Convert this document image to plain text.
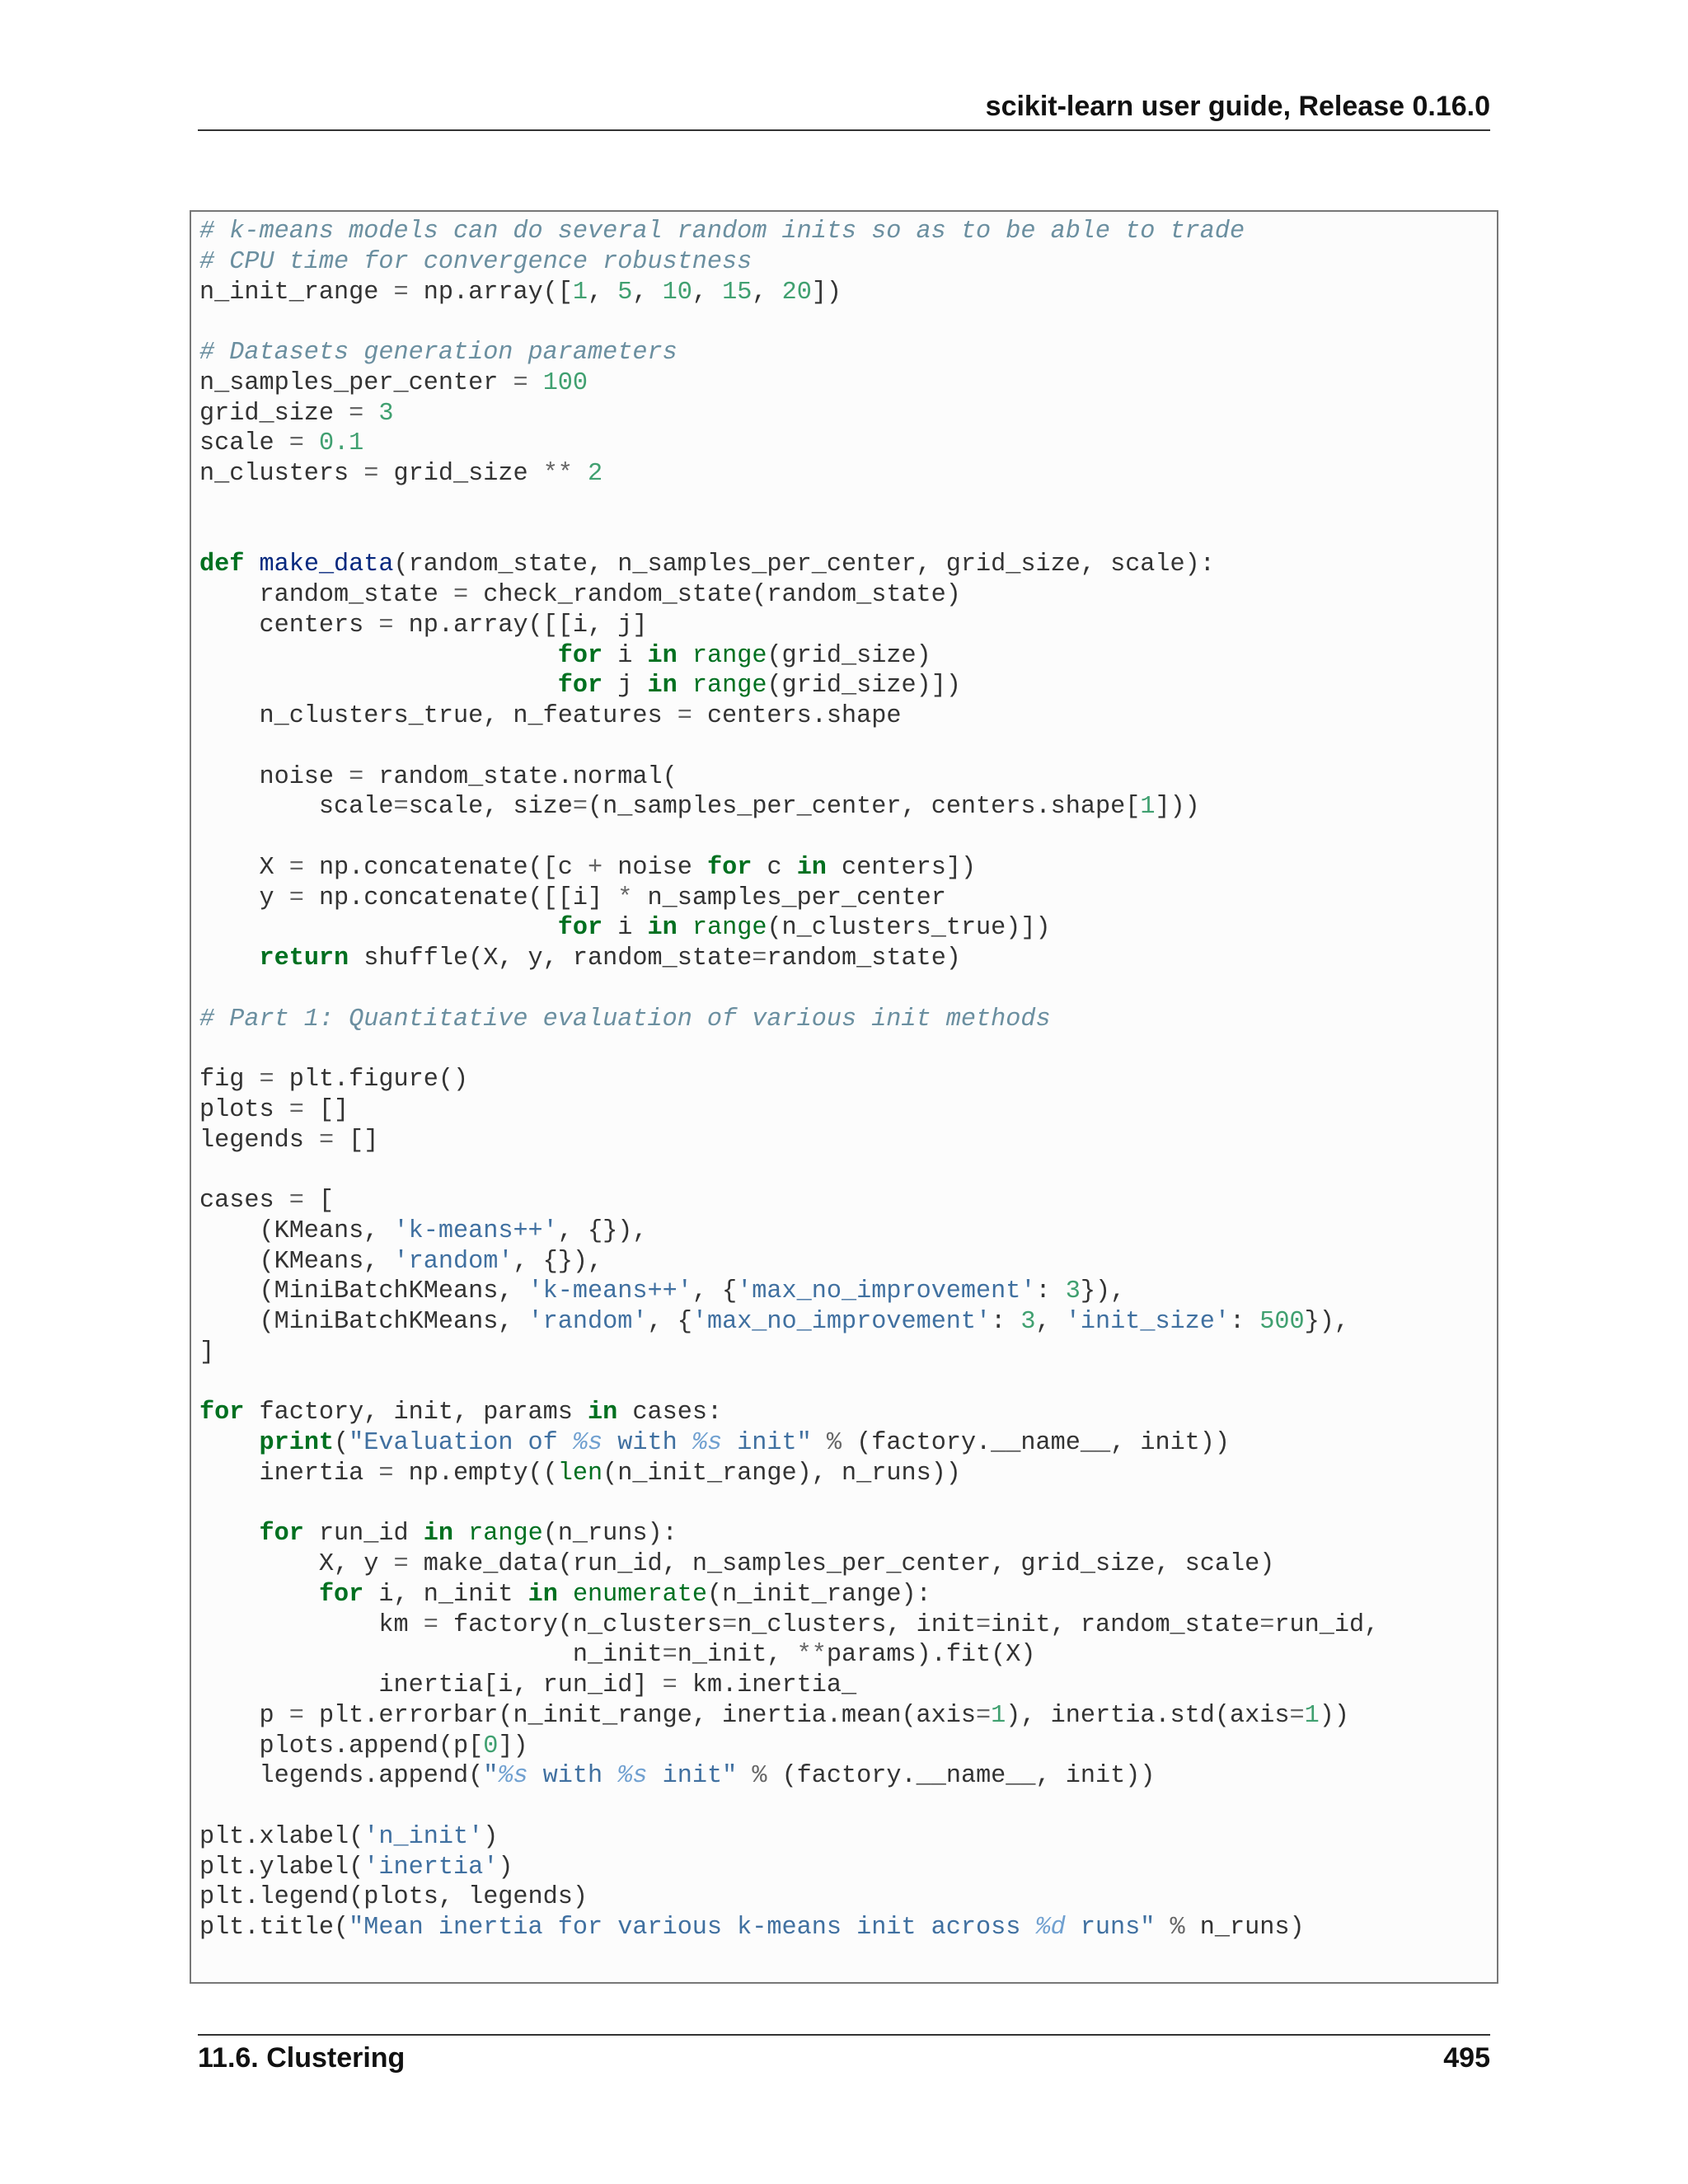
scikit-learn user guide, Release 0.16.0
# k-means models can do several random inits so as to be able to trade
# CPU time for convergence robustness
n_init_range = np.array([1, 5, 10, 15, 20])

# Datasets generation parameters
n_samples_per_center = 100
grid_size = 3
scale = 0.1
n_clusters = grid_size ** 2

def make_data(random_state, n_samples_per_center, grid_size, scale):
random_state = check_random_state(random_state)
centers = np.array([[i, j]
for i in range(grid_size)
for j in range(grid_size)])
n_clusters_true, n_features = centers.shape

noise = random_state.normal(
scale=scale, size=(n_samples_per_center, centers.shape[1]))

X = np.concatenate([c + noise for c in centers])
y = np.concatenate([[i] * n_samples_per_center
for i in range(n_clusters_true)])
return shuffle(X, y, random_state=random_state)

# Part 1: Quantitative evaluation of various init methods

fig = plt.figure()
plots = []
legends = []

cases = [
(KMeans, 'k-means++', {}),
(KMeans, 'random', {}),
(MiniBatchKMeans, 'k-means++', {'max_no_improvement': 3}),
(MiniBatchKMeans, 'random', {'max_no_improvement': 3, 'init_size': 500}),
]

for factory, init, params in cases:
print("Evaluation of %s with %s init" % (factory.__name__, init))
inertia = np.empty((len(n_init_range), n_runs))

for run_id in range(n_runs):
X, y = make_data(run_id, n_samples_per_center, grid_size, scale)
for i, n_init in enumerate(n_init_range):
km = factory(n_clusters=n_clusters, init=init, random_state=run_id,
n_init=n_init, **params).fit(X)
inertia[i, run_id] = km.inertia_
p = plt.errorbar(n_init_range, inertia.mean(axis=1), inertia.std(axis=1))
plots.append(p[0])
legends.append("%s with %s init" % (factory.__name__, init))

plt.xlabel('n_init')
plt.ylabel('inertia')
plt.legend(plots, legends)
plt.title("Mean inertia for various k-means init across %d runs" % n_runs)
11.6. Clustering	495
